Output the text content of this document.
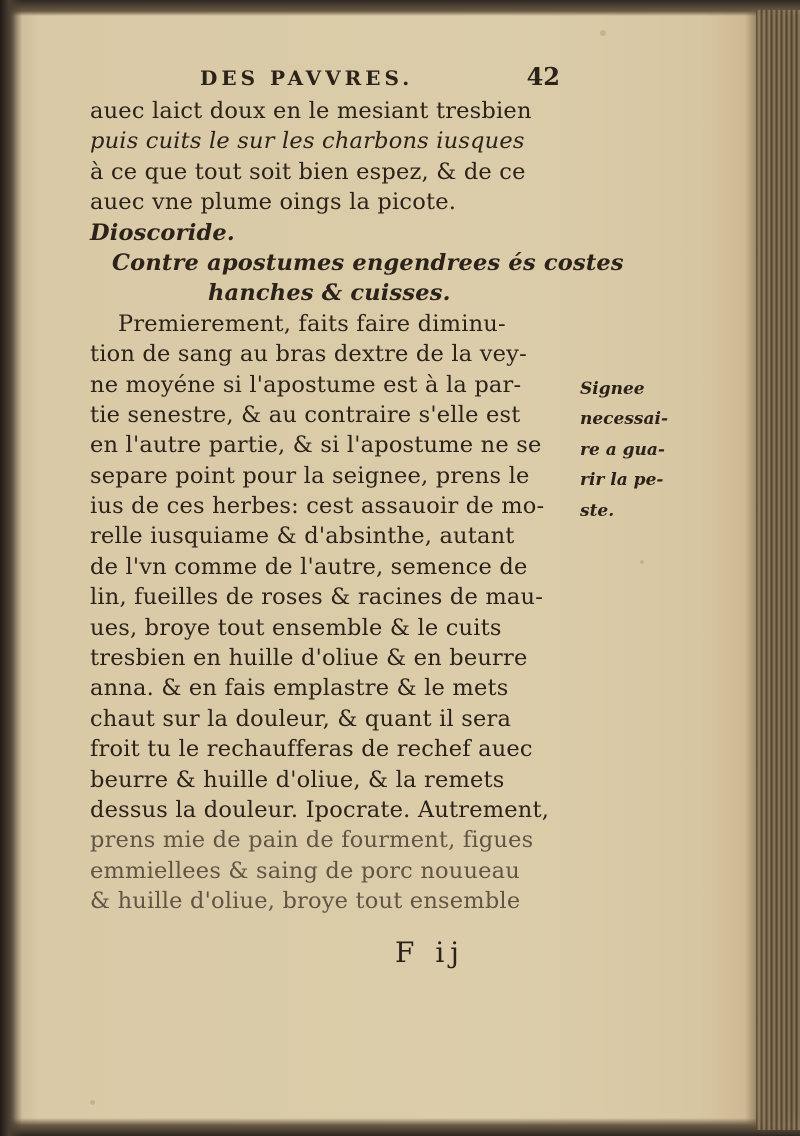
DES PAVVRES.	42
auec laict doux en le mesiant tresbien
puis cuits le sur les charbons iusques
à ce que tout soit bien espez, & de ce
auec vne plume oings la picote.
Dioscoride.
Contre apostumes engendrees és costes
hanches & cuisses.
Premierement, faits faire diminu-
tion de sang au bras dextre de la vey-
ne moyéne si l'apostume est à la par-
tie senestre, & au contraire s'elle est
en l'autre partie, & si l'apostume ne se
separe point pour la seignee, prens le
ius de ces herbes: cest assauoir de mo-
relle iusquiame & d'absinthe, autant
de l'vn comme de l'autre, semence de
lin, fueilles de roses & racines de mau-
ues, broye tout ensemble & le cuits
tresbien en huille d'oliue & en beurre
anna. & en fais emplastre & le mets
chaut sur la douleur, & quant il sera
froit tu le rechaufferas de rechef auec
beurre & huille d'oliue, & la remets
dessus la douleur. Ipocrate. Autrement,
prens mie de pain de fourment, figues
emmiellees & saing de porc nouueau
& huille d'oliue, broye tout ensemble
Signee
necessai-
re a gua-
rir la pe-
ste.
F ij
